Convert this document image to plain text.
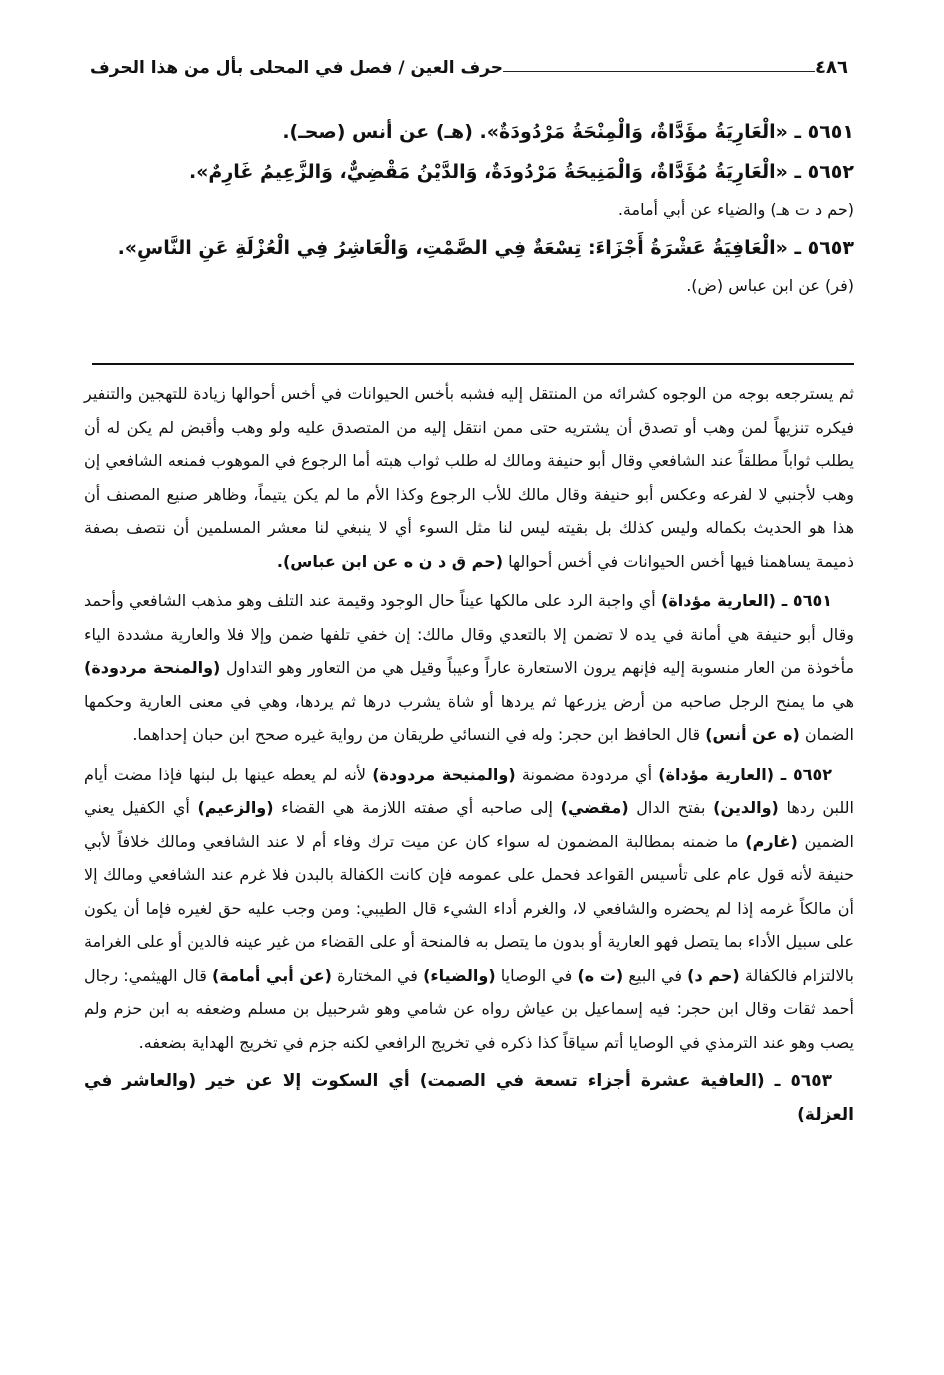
٤٨٦
حرف العين / فصل في المحلى بأل من هذا الحرف
٥٦٥١ ـ «الْعَارِيَةُ مؤَدَّاةٌ، وَالْمِنْحَةُ مَرْدُودَةٌ». (هـ) عن أنس (صحـ).
٥٦٥٢ ـ «الْعَارِيَةُ مُؤَدَّاةٌ، وَالْمَنِيحَةُ مَرْدُودَةٌ، وَالدَّيْنُ مَقْضِيٌّ، وَالزَّعِيمُ غَارِمٌ».
(حم د ت هـ) والضياء عن أبي أمامة.
٥٦٥٣ ـ «الْعَافِيَةُ عَشْرَةُ أَجْزَاءَ: تِسْعَةٌ فِي الصَّمْتِ، وَالْعَاشِرُ فِي الْعُزْلَةِ عَنِ النَّاسِ».
(فر) عن ابن عباس (ض).

ثم يسترجعه بوجه من الوجوه كشرائه من المنتقل إليه فشبه بأخس الحيوانات في أخس أحوالها زيادة للتهجين والتنفير فيكره تنزيهاً لمن وهب أو تصدق أن يشتريه حتى ممن انتقل إليه من المتصدق عليه ولو وهب وأقبض لم يكن له أن يطلب ثواباً مطلقاً عند الشافعي وقال أبو حنيفة ومالك له طلب ثواب هبته أما الرجوع في الموهوب فمنعه الشافعي إن وهب لأجنبي لا لفرعه وعكس أبو حنيفة وقال مالك للأب الرجوع وكذا الأم ما لم يكن يتيماً، وظاهر صنيع المصنف أن هذا هو الحديث بكماله وليس كذلك بل بقيته ليس لنا مثل السوء أي لا ينبغي لنا معشر المسلمين أن نتصف بصفة ذميمة يساهمنا فيها أخس الحيوانات في أخس أحوالها (حم ق د ن ه عن ابن عباس).

٥٦٥١ ـ (العارية مؤداة) أي واجبة الرد على مالكها عيناً حال الوجود وقيمة عند التلف وهو مذهب الشافعي وأحمد وقال أبو حنيفة هي أمانة في يده لا تضمن إلا بالتعدي وقال مالك: إن خفي تلفها ضمن وإلا فلا والعارية مشددة الياء مأخوذة من العار منسوبة إليه فإنهم يرون الاستعارة عاراً وعيباً وقيل هي من التعاور وهو التداول (والمنحة مردودة) هي ما يمنح الرجل صاحبه من أرض يزرعها ثم يردها أو شاة يشرب درها ثم يردها، وهي في معنى العارية وحكمها الضمان (ه عن أنس) قال الحافظ ابن حجر: وله في النسائي طريقان من رواية غيره صحح ابن حبان إحداهما.

٥٦٥٢ ـ (العارية مؤداة) أي مردودة مضمونة (والمنيحة مردودة) لأنه لم يعطه عينها بل لبنها فإذا مضت أيام اللبن ردها (والدين) بفتح الدال (مقضي) إلى صاحبه أي صفته اللازمة هي القضاء (والزعيم) أي الكفيل يعني الضمين (غارم) ما ضمنه بمطالبة المضمون له سواء كان عن ميت ترك وفاء أم لا عند الشافعي ومالك خلافاً لأبي حنيفة لأنه قول عام على تأسيس القواعد فحمل على عمومه فإن كانت الكفالة بالبدن فلا غرم عند الشافعي ومالك إلا أن مالكاً غرمه إذا لم يحضره والشافعي لا، والغرم أداء الشيء قال الطيبي: ومن وجب عليه حق لغيره فإما أن يكون على سبيل الأداء بما يتصل فهو العارية أو بدون ما يتصل به فالمنحة أو على القضاء من غير عينه فالدين أو على الغرامة بالالتزام فالكفالة (حم د) في البيع (ت ه) في الوصايا (والضياء) في المختارة (عن أبي أمامة) قال الهيثمي: رجال أحمد ثقات وقال ابن حجر: فيه إسماعيل بن عياش رواه عن شامي وهو شرحبيل بن مسلم وضعفه به ابن حزم ولم يصب وهو عند الترمذي في الوصايا أتم سياقاً كذا ذكره في تخريج الرافعي لكنه جزم في تخريج الهداية بضعفه.

٥٦٥٣ ـ (العافية عشرة أجزاء تسعة في الصمت) أي السكوت إلا عن خير (والعاشر في العزلة)
